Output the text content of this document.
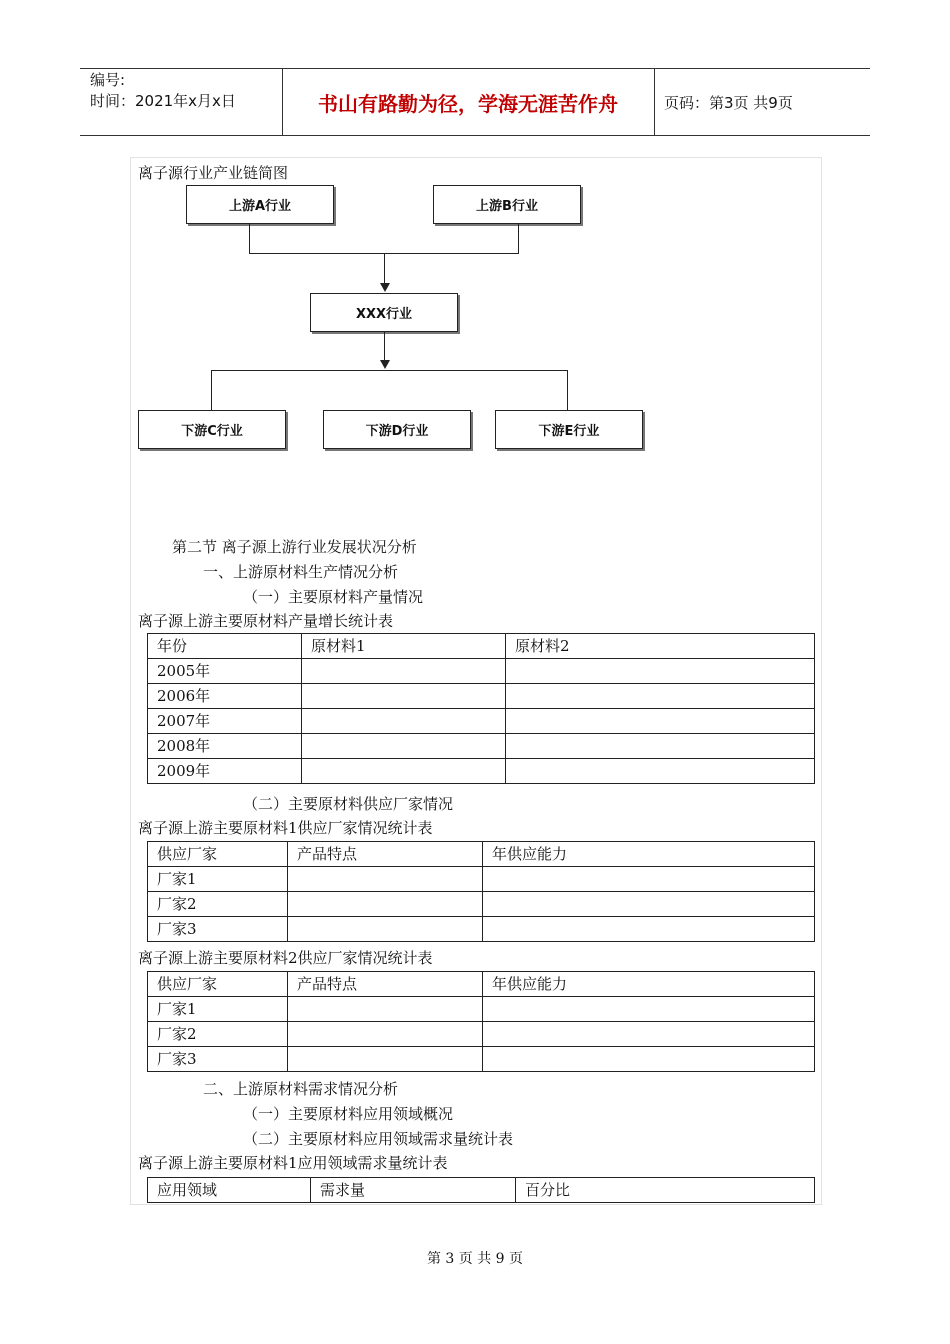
编号:
时间：2021年x月x日	书山有路勤为径，学海无涯苦作舟	页码：第3页 共9页
离子源行业产业链简图
上游A行业	上游B行业
XXX行业
下游C行业	下游D行业	下游E行业
第二节 离子源上游行业发展状况分析
一、上游原材料生产情况分析
（一）主要原材料产量情况
离子源上游主要原材料产量增长统计表
年份	原材料1	原材料2
2005年		
2006年		
2007年		
2008年		
2009年		
（二）主要原材料供应厂家情况
离子源上游主要原材料1供应厂家情况统计表
供应厂家	产品特点	年供应能力
厂家1		
厂家2		
厂家3		
离子源上游主要原材料2供应厂家情况统计表
供应厂家	产品特点	年供应能力
厂家1		
厂家2		
厂家3		
二、上游原材料需求情况分析
（一）主要原材料应用领域概况
（二）主要原材料应用领域需求量统计表
离子源上游主要原材料1应用领域需求量统计表
应用领域	需求量	百分比
第 3 页 共 9 页
